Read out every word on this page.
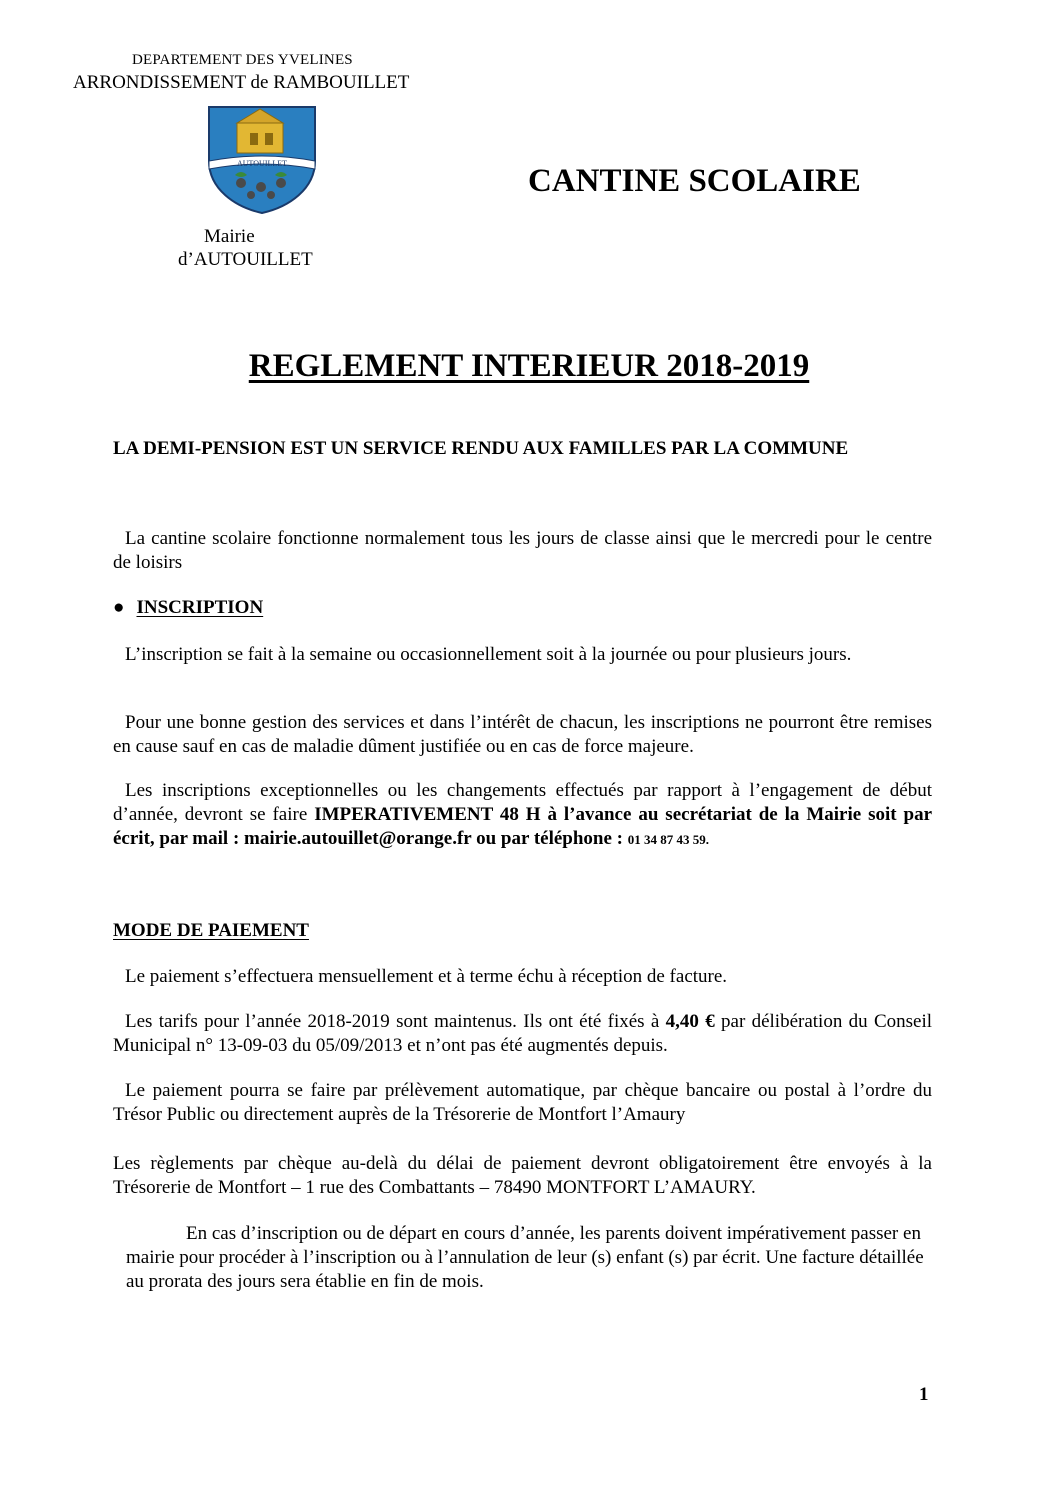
DEPARTEMENT DES YVELINES
ARRONDISSEMENT de RAMBOUILLET
AUTOUILLET
Mairie
d’AUTOUILLET
CANTINE SCOLAIRE
REGLEMENT INTERIEUR 2018-2019
LA DEMI-PENSION EST UN SERVICE RENDU AUX FAMILLES PAR LA COMMUNE
La cantine scolaire fonctionne normalement tous les jours de classe ainsi que le mercredi pour le centre de loisirs
● INSCRIPTION
L’inscription se fait à la semaine ou occasionnellement soit à la journée ou pour plusieurs jours.
Pour une bonne gestion des services et dans l’intérêt de chacun, les inscriptions ne pourront être remises en cause sauf en cas de maladie dûment justifiée ou en cas de force majeure.
Les inscriptions exceptionnelles ou les changements effectués par rapport à l’engagement de début d’année, devront se faire IMPERATIVEMENT 48 H à l’avance au secrétariat de la Mairie soit par écrit, par mail : mairie.autouillet@orange.fr ou par téléphone : 01 34 87 43 59.
MODE DE PAIEMENT
Le paiement s’effectuera mensuellement et à terme échu à réception de facture.
Les tarifs pour l’année 2018-2019 sont maintenus. Ils ont été fixés à 4,40 € par délibération du Conseil Municipal n° 13-09-03 du 05/09/2013 et n’ont pas été augmentés depuis.
Le paiement pourra se faire par prélèvement automatique, par chèque bancaire ou postal à l’ordre du Trésor Public ou directement auprès de la Trésorerie de Montfort l’Amaury
Les règlements par chèque au-delà du délai de paiement devront obligatoirement être envoyés à la Trésorerie de Montfort – 1 rue des Combattants – 78490 MONTFORT L’AMAURY.
En cas d’inscription ou de départ en cours d’année, les parents doivent impérativement passer en mairie pour procéder à l’inscription ou à l’annulation de leur (s) enfant (s) par écrit. Une facture détaillée au prorata des jours sera établie en fin de mois.
1
